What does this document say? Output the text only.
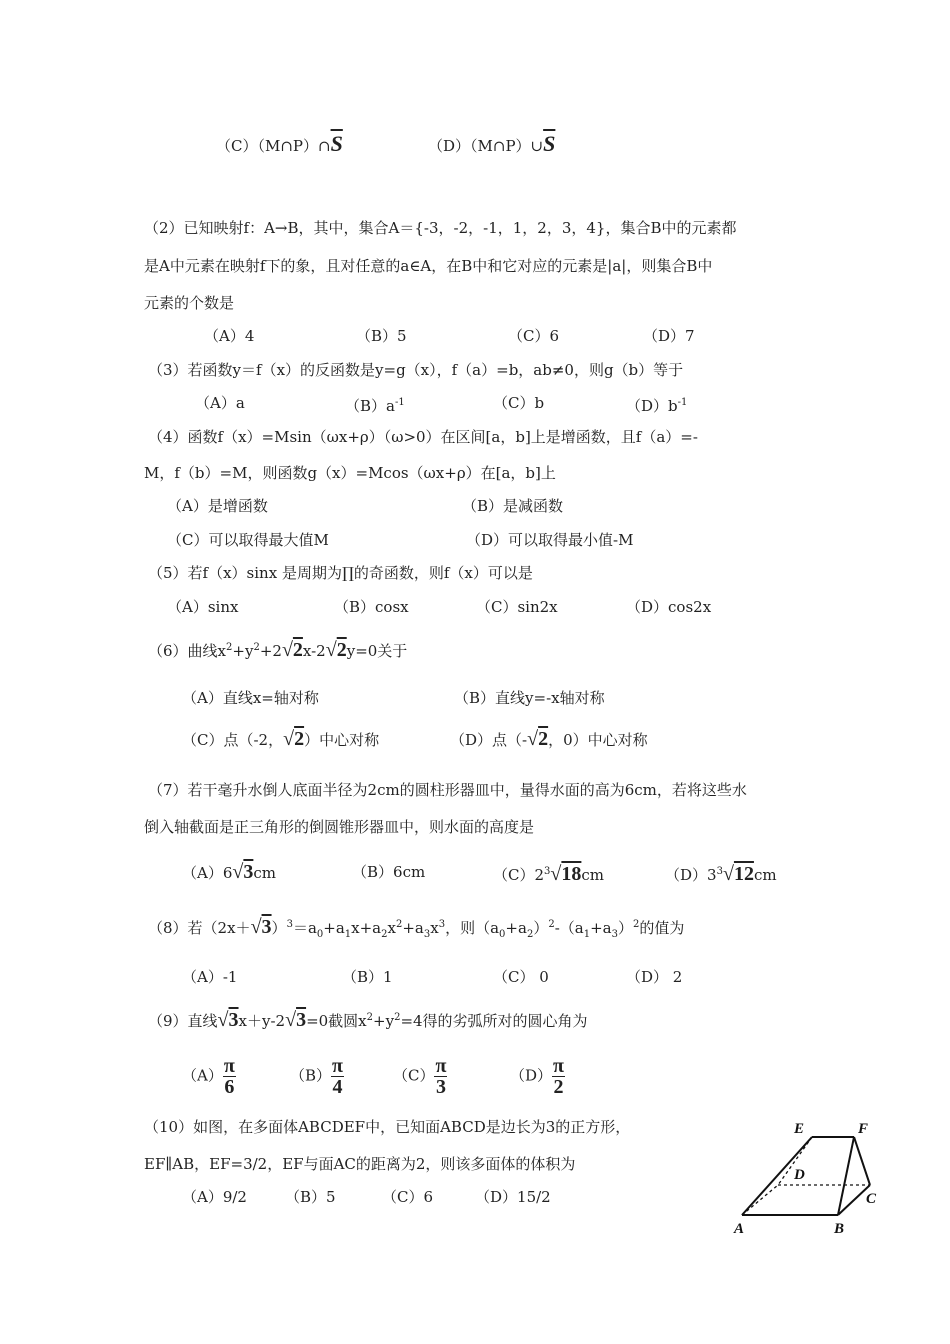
$(C)(M\cap P)\cap\overline{S}$	$(D)(M\cap P)\cup\overline{S}$
（2）已知映射f：A→B，其中，集合A＝{-3，-2，-1，1，2，3，4}，集合B中的元素都
是A中元素在映射f下的象，且对任意的a∈A，在B中和它对应的元素是|a|，则集合B中
元素的个数是
（A）4	（B）5	（C）6	（D）7
（3）若函数y＝f（x）的反函数是y=g（x），f（a）=b，ab≠0，则g（b）等于
（A）a	$(B)a^{-1}$	（C）b	$(D)b^{-1}$
（4）函数f（x）=Msin（ωx+ρ）（ω>0）在区间[a，b]上是增函数，且f（a）=-
M，f（b）=M，则函数g（x）=Mcos（ωx+ρ）在[a，b]上
（A）是增函数	（B）是减函数
（C）可以取得最大值M	（D）可以取得最小值-M
（5）若f（x）sinx 是周期为∏的奇函数，则f（x）可以是
（A）sinx	（B）cosx	（C）sin2x	（D）cos2x
（6）曲线$x^2+y^2+2√2x-2√2y=0$关于
（A）直线x=轴对称	（B）直线y=-x轴对称
（C）点（-2，√2）中心对称	（D）点（-√2，0）中心对称
（7）若干毫升水倒人底面半径为2cm的圆柱形器皿中，量得水面的高为6cm，若将这些水
倒入轴截面是正三角形的倒圆锥形器皿中，则水面的高度是
（A）6√3cm	（B）6cm	$(C)2^3√18cm$	$(D)3^3√12cm$
（8）若$(2x+√3)^3=a_0+a_1x+a_2x^2+a_3x^3$，则$(a_0+a_2)^2-(a_1+a_3)^2$的值为
（A）-1	（B）1	（C） 0	（D） 2
（9）直线√3x＋y-2√3=0截圆$x^2+y^2=4$得的劣弧所对的圆心角为
$(A) \frac{\pi}{6}$	$(B) \frac{\pi}{4}$	$(C) \frac{\pi}{3}$	$(D) \frac{\pi}{2}$
（10）如图，在多面体ABCDEF中，已知面ABCD是边长为3的正方形，
EF∥AB，EF=3/2，EF与面AC的距离为2，则该多面体的体积为
（A）9/2	（B）5	（C）6	（D）15/2
E	F
D
C
A	B
